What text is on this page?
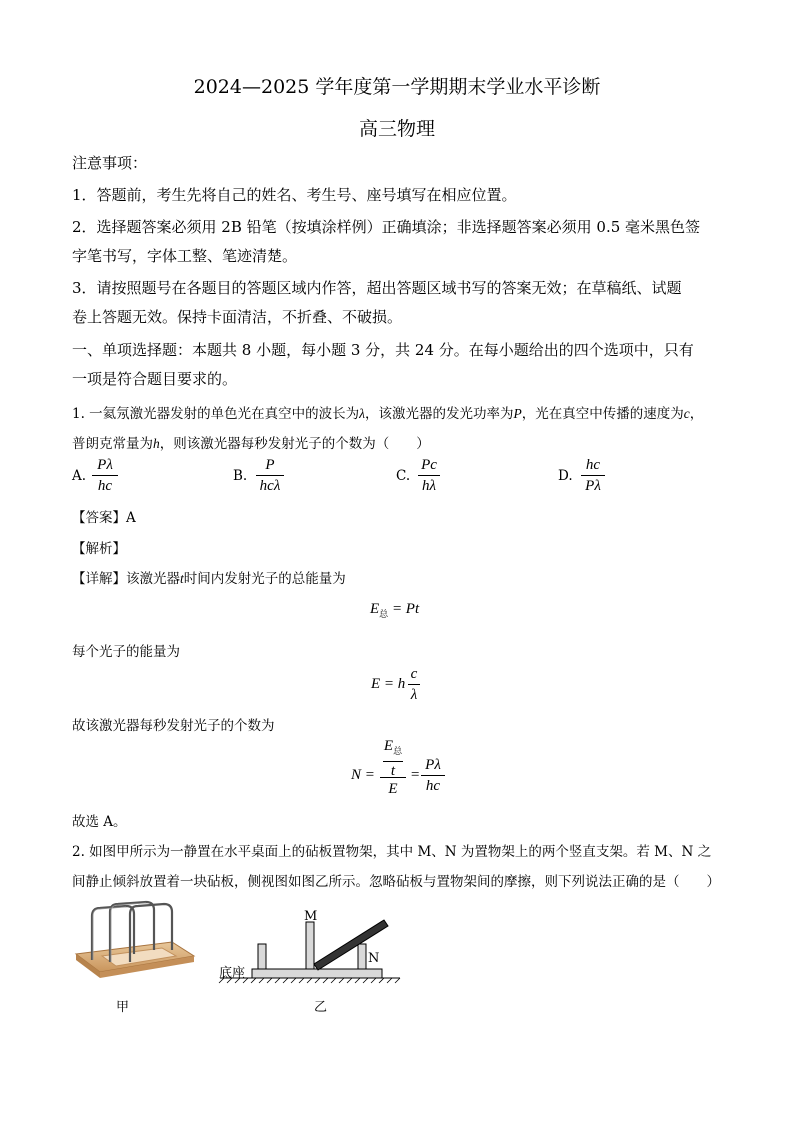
2024—2025 学年度第一学期期末学业水平诊断
高三物理
注意事项：
1．答题前，考生先将自己的姓名、考生号、座号填写在相应位置。
2．选择题答案必须用 2B 铅笔（按填涂样例）正确填涂；非选择题答案必须用 0.5 毫米黑色签
字笔书写，字体工整、笔迹清楚。
3．请按照题号在各题目的答题区域内作答，超出答题区域书写的答案无效；在草稿纸、试题
卷上答题无效。保持卡面清洁，不折叠、不破损。
一、单项选择题：本题共 8 小题，每小题 3 分，共 24 分。在每小题给出的四个选项中，只有
一项是符合题目要求的。
1. 一氦氖激光器发射的单色光在真空中的波长为λ，该激光器的发光功率为P，光在真空中传播的速度为c，
普朗克常量为h，则该激光器每秒发射光子的个数为（　　）
A.
Pλ
hc
B.
P
hcλ
C.
Pc
hλ
D.
hc
Pλ
【答案】A
【解析】
【详解】该激光器t时间内发射光子的总能量为
$E_总 = Pt$
每个光子的能量为
E = h
c
λ
故该激光器每秒发射光子的个数为
N =
$E_总$
t
E
=
Pλ
hc
故选 A。
2. 如图甲所示为一静置在水平桌面上的砧板置物架，其中 M、N 为置物架上的两个竖直支架。若 M、N 之
间静止倾斜放置着一块砧板，侧视图如图乙所示。忽略砧板与置物架间的摩擦，则下列说法正确的是（　　）
甲
M
N
底座
乙
